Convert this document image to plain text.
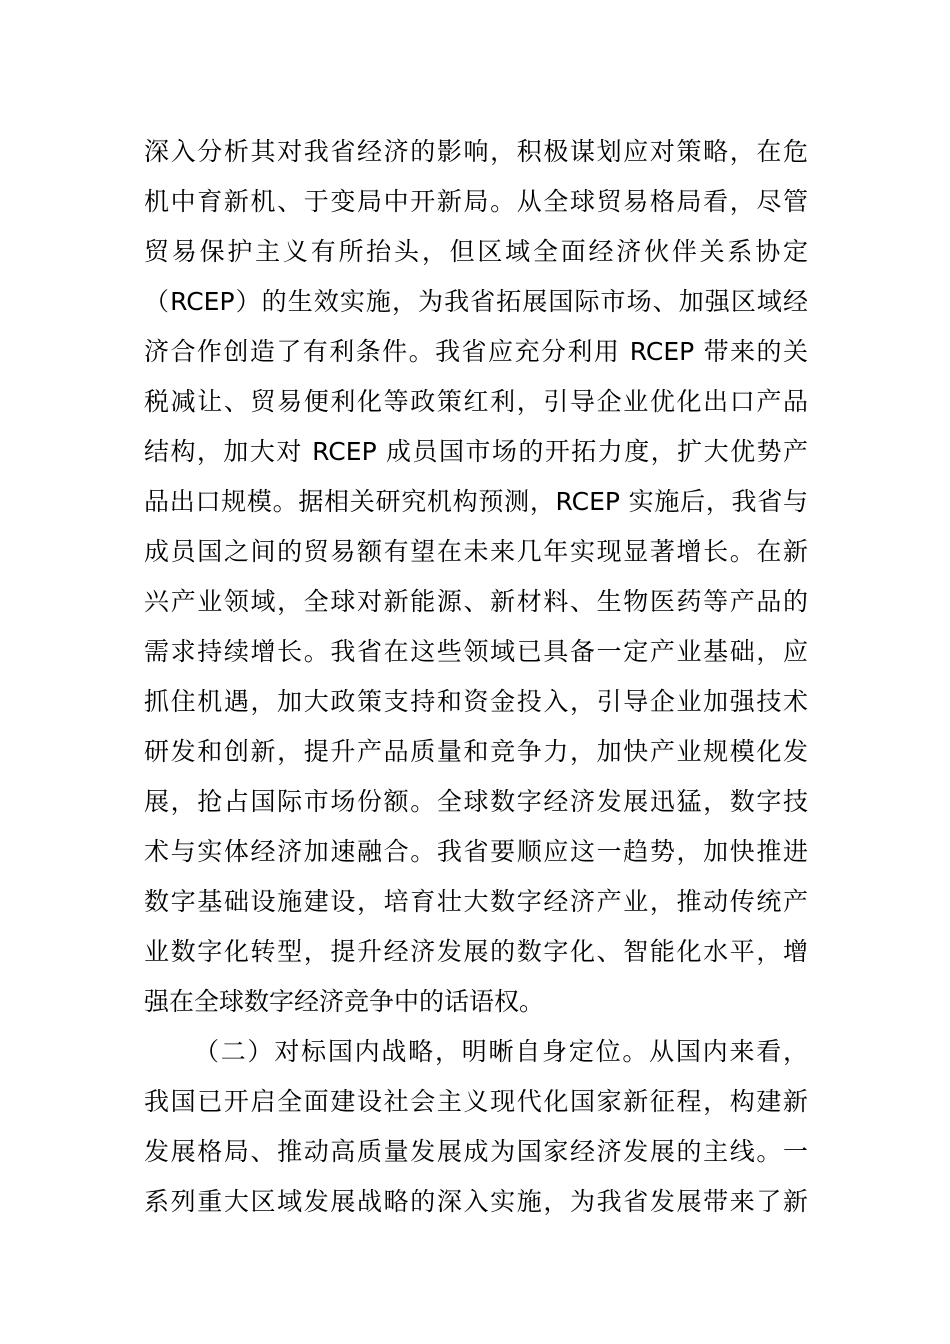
深入分析其对我省经济的影响，积极谋划应对策略，在危
机中育新机、于变局中开新局。从全球贸易格局看，尽管
贸易保护主义有所抬头，但区域全面经济伙伴关系协定
（RCEP）的生效实施，为我省拓展国际市场、加强区域经
济合作创造了有利条件。我省应充分利用 RCEP 带来的关
税减让、贸易便利化等政策红利，引导企业优化出口产品
结构，加大对 RCEP 成员国市场的开拓力度，扩大优势产
品出口规模。据相关研究机构预测，RCEP 实施后，我省与
成员国之间的贸易额有望在未来几年实现显著增长。在新
兴产业领域，全球对新能源、新材料、生物医药等产品的
需求持续增长。我省在这些领域已具备一定产业基础，应
抓住机遇，加大政策支持和资金投入，引导企业加强技术
研发和创新，提升产品质量和竞争力，加快产业规模化发
展，抢占国际市场份额。全球数字经济发展迅猛，数字技
术与实体经济加速融合。我省要顺应这一趋势，加快推进
数字基础设施建设，培育壮大数字经济产业，推动传统产
业数字化转型，提升经济发展的数字化、智能化水平，增
强在全球数字经济竞争中的话语权。
（二）对标国内战略，明晰自身定位。从国内来看，
我国已开启全面建设社会主义现代化国家新征程，构建新
发展格局、推动高质量发展成为国家经济发展的主线。一
系列重大区域发展战略的深入实施，为我省发展带来了新
